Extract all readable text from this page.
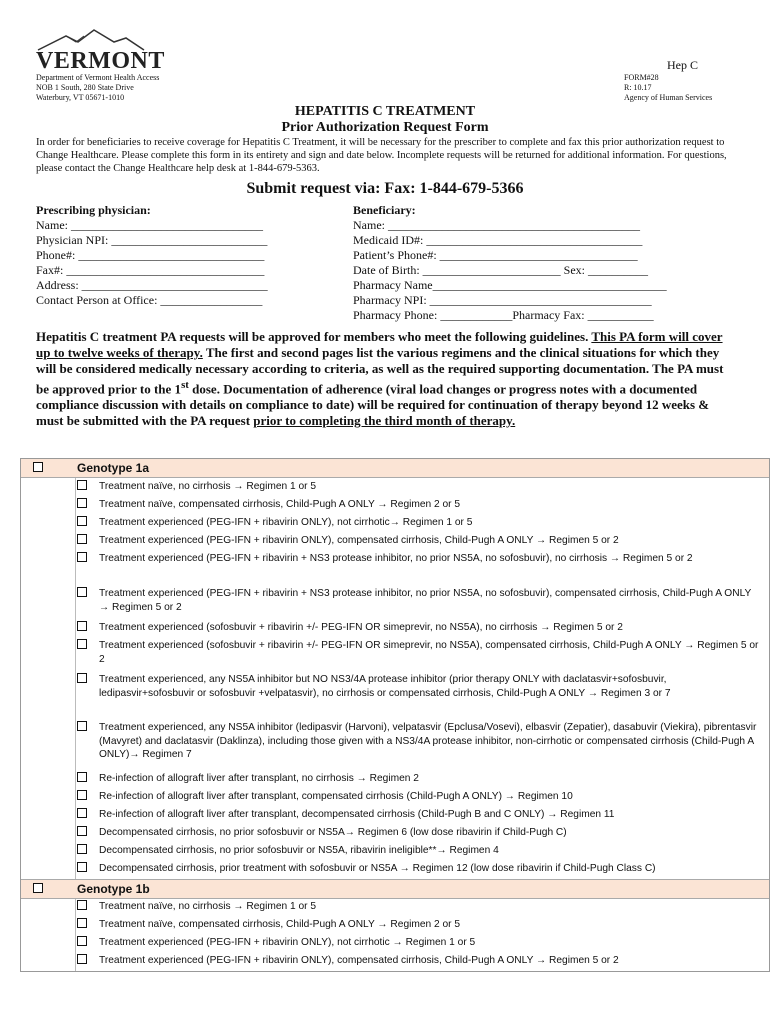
VERMONT
Department of Vermont Health Access
NOB 1 South, 280 State Drive
Waterbury, VT 05671-1010
Hep C
FORM#28
R: 10.17
Agency of Human Services
HEPATITIS C TREATMENT
Prior Authorization Request Form
In order for beneficiaries to receive coverage for Hepatitis C Treatment, it will be necessary for the prescriber to complete and fax this prior authorization request to Change Healthcare. Please complete this form in its entirety and sign and date below. Incomplete requests will be returned for additional information. For questions, please contact the Change Healthcare help desk at 1-844-679-5363.
Submit request via: Fax: 1-844-679-5366
Prescribing physician:
Name: ________________________________
Physician NPI: __________________________
Phone#: _______________________________
Fax#: _________________________________
Address: _______________________________
Contact Person at Office: _________________
Beneficiary:
Name: __________________________________________
Medicaid ID#: ____________________________________
Patient’s Phone#: _________________________________
Date of Birth: _______________________ Sex: __________
Pharmacy Name_______________________________________
Pharmacy NPI: _____________________________________
Pharmacy Phone: ____________Pharmacy Fax: ___________
Hepatitis C treatment PA requests will be approved for members who meet the following guidelines. This PA form will cover up to twelve weeks of therapy. The first and second pages list the various regimens and the clinical situations for which they will be considered medically necessary according to criteria, as well as the required supporting documentation. The PA must be approved prior to the 1st dose. Documentation of adherence (viral load changes or progress notes with a documented compliance discussion with details on compliance to date) will be required for continuation of therapy beyond 12 weeks & must be submitted with the PA request prior to completing the third month of therapy.
Genotype 1a
Treatment naïve, no cirrhosis → Regimen 1 or 5
Treatment naïve, compensated cirrhosis, Child-Pugh A ONLY → Regimen 2 or 5
Treatment experienced (PEG-IFN + ribavirin ONLY), not cirrhotic→ Regimen 1 or 5
Treatment experienced (PEG-IFN + ribavirin ONLY), compensated cirrhosis, Child-Pugh A ONLY → Regimen 5 or 2
Treatment experienced (PEG-IFN + ribavirin + NS3 protease inhibitor, no prior NS5A, no sofosbuvir), no cirrhosis → Regimen 5 or 2
Treatment experienced (PEG-IFN + ribavirin + NS3 protease inhibitor, no prior NS5A, no sofosbuvir), compensated cirrhosis, Child-Pugh A ONLY → Regimen 5 or 2
Treatment experienced (sofosbuvir + ribavirin +/- PEG-IFN OR simeprevir, no NS5A), no cirrhosis → Regimen 5 or 2
Treatment experienced (sofosbuvir + ribavirin +/- PEG-IFN OR simeprevir, no NS5A), compensated cirrhosis, Child-Pugh A ONLY → Regimen 5 or 2
Treatment experienced, any NS5A inhibitor but NO NS3/4A protease inhibitor (prior therapy ONLY with daclatasvir+sofosbuvir, ledipasvir+sofosbuvir or sofosbuvir +velpatasvir), no cirrhosis or compensated cirrhosis, Child-Pugh A ONLY → Regimen 3 or 7
Treatment experienced, any NS5A inhibitor (ledipasvir (Harvoni), velpatasvir (Epclusa/Vosevi), elbasvir (Zepatier), dasabuvir (Viekira), pibrentasvir (Mavyret) and daclatasvir (Daklinza), including those given with a NS3/4A protease inhibitor, non-cirrhotic or compensated cirrhosis (Child-Pugh A ONLY)→ Regimen 7
Re-infection of allograft liver after transplant, no cirrhosis → Regimen 2
Re-infection of allograft liver after transplant, compensated cirrhosis (Child-Pugh A ONLY) → Regimen 10
Re-infection of allograft liver after transplant, decompensated cirrhosis (Child-Pugh B and C ONLY) → Regimen 11
Decompensated cirrhosis, no prior sofosbuvir or NS5A→ Regimen 6 (low dose ribavirin if Child-Pugh C)
Decompensated cirrhosis, no prior sofosbuvir or NS5A, ribavirin ineligible**→ Regimen 4
Decompensated cirrhosis, prior treatment with sofosbuvir or NS5A → Regimen 12 (low dose ribavirin if Child-Pugh Class C)
Genotype 1b
Treatment naïve, no cirrhosis → Regimen 1 or 5
Treatment naïve, compensated cirrhosis, Child-Pugh A ONLY → Regimen 2 or 5
Treatment experienced (PEG-IFN + ribavirin ONLY), not cirrhotic → Regimen 1 or 5
Treatment experienced (PEG-IFN + ribavirin ONLY), compensated cirrhosis, Child-Pugh A ONLY → Regimen 5 or 2
